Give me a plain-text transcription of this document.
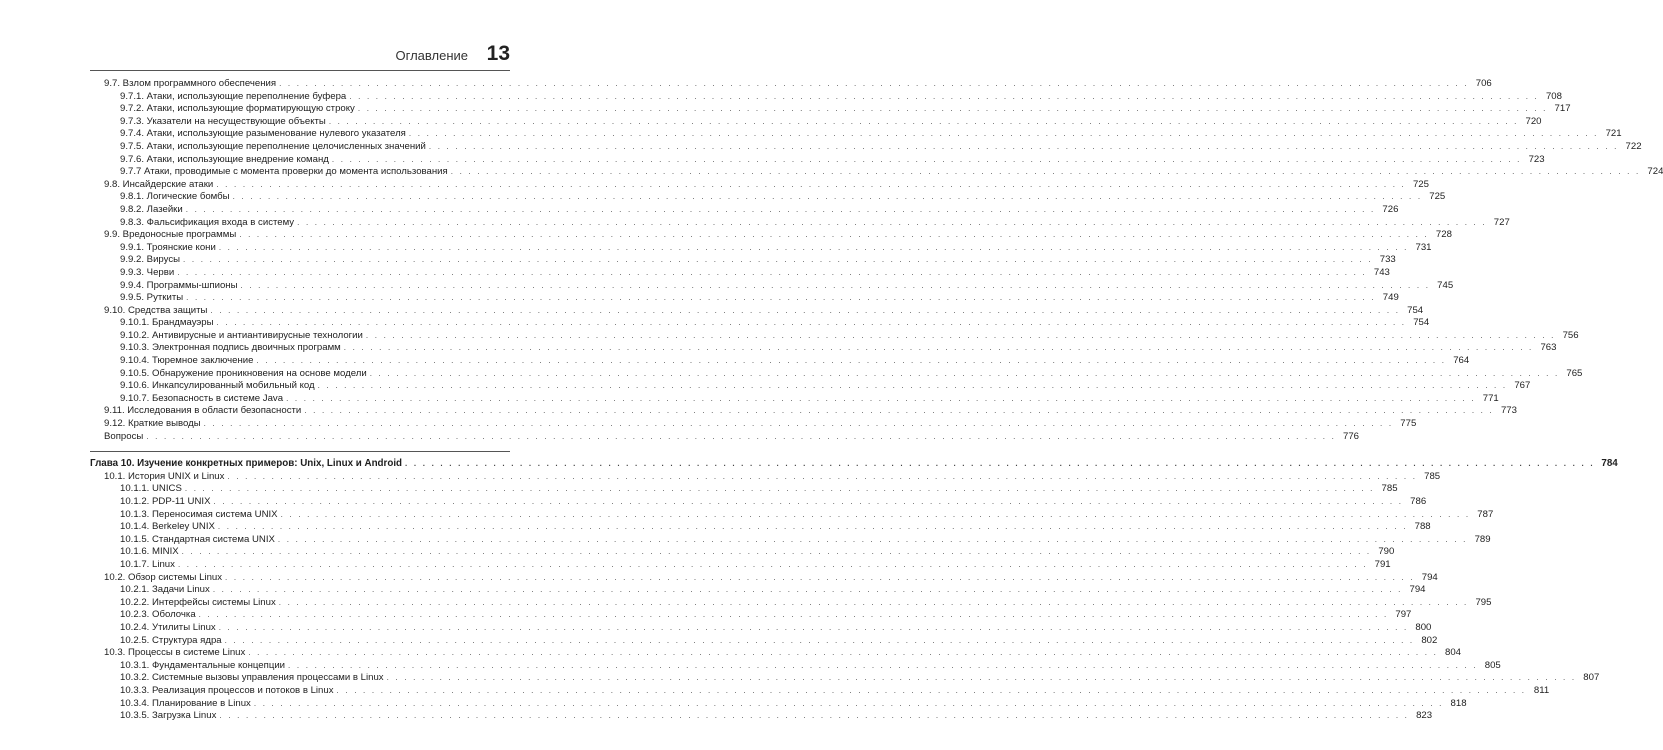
Оглавление 13
9.7. Взлом программного обеспечения . . .	706
9.7.1. Атаки, использующие переполнение буфера . . .	708
9.7.2. Атаки, использующие форматирующую строку . . .	717
9.7.3. Указатели на несуществующие объекты . . .	720
9.7.4. Атаки, использующие разыменование нулевого указателя . . .	721
9.7.5. Атаки, использующие переполнение целочисленных значений . . .	722
9.7.6. Атаки, использующие внедрение команд . . .	723
9.7.7 Атаки, проводимые с момента проверки до момента использования . . .	724
9.8. Инсайдерские атаки . . .	725
9.8.1. Логические бомбы . . .	725
9.8.2. Лазейки . . .	726
9.8.3. Фальсификация входа в систему . . .	727
9.9. Вредоносные программы . . .	728
9.9.1. Троянские кони . . .	731
9.9.2. Вирусы . . .	733
9.9.3. Черви . . .	743
9.9.4. Программы-шпионы . . .	745
9.9.5. Руткиты . . .	749
9.10. Средства защиты . . .	754
9.10.1. Брандмауэры . . .	754
9.10.2. Антивирусные и антиантивирусные технологии . . .	756
9.10.3. Электронная подпись двоичных программ . . .	763
9.10.4. Тюремное заключение . . .	764
9.10.5. Обнаружение проникновения на основе модели . . .	765
9.10.6. Инкапсулированный мобильный код . . .	767
9.10.7. Безопасность в системе Java . . .	771
9.11. Исследования в области безопасности . . .	773
9.12. Краткие выводы . . .	775
Вопросы . . .	776
Глава 10. Изучение конкретных примеров: Unix, Linux и Android . . .	784
10.1. История UNIX и Linux . . .	785
10.1.1. UNICS . . .	785
10.1.2. PDP-11 UNIX . . .	786
10.1.3. Переносимая система UNIX . . .	787
10.1.4. Berkeley UNIX . . .	788
10.1.5. Стандартная система UNIX . . .	789
10.1.6. MINIX . . .	790
10.1.7. Linux . . .	791
10.2. Обзор системы Linux . . .	794
10.2.1. Задачи Linux . . .	794
10.2.2. Интерфейсы системы Linux . . .	795
10.2.3. Оболочка . . .	797
10.2.4. Утилиты Linux . . .	800
10.2.5. Структура ядра . . .	802
10.3. Процессы в системе Linux . . .	804
10.3.1. Фундаментальные концепции . . .	805
10.3.2. Системные вызовы управления процессами в Linux . . .	807
10.3.3. Реализация процессов и потоков в Linux . . .	811
10.3.4. Планирование в Linux . . .	818
10.3.5. Загрузка Linux . . .	823
